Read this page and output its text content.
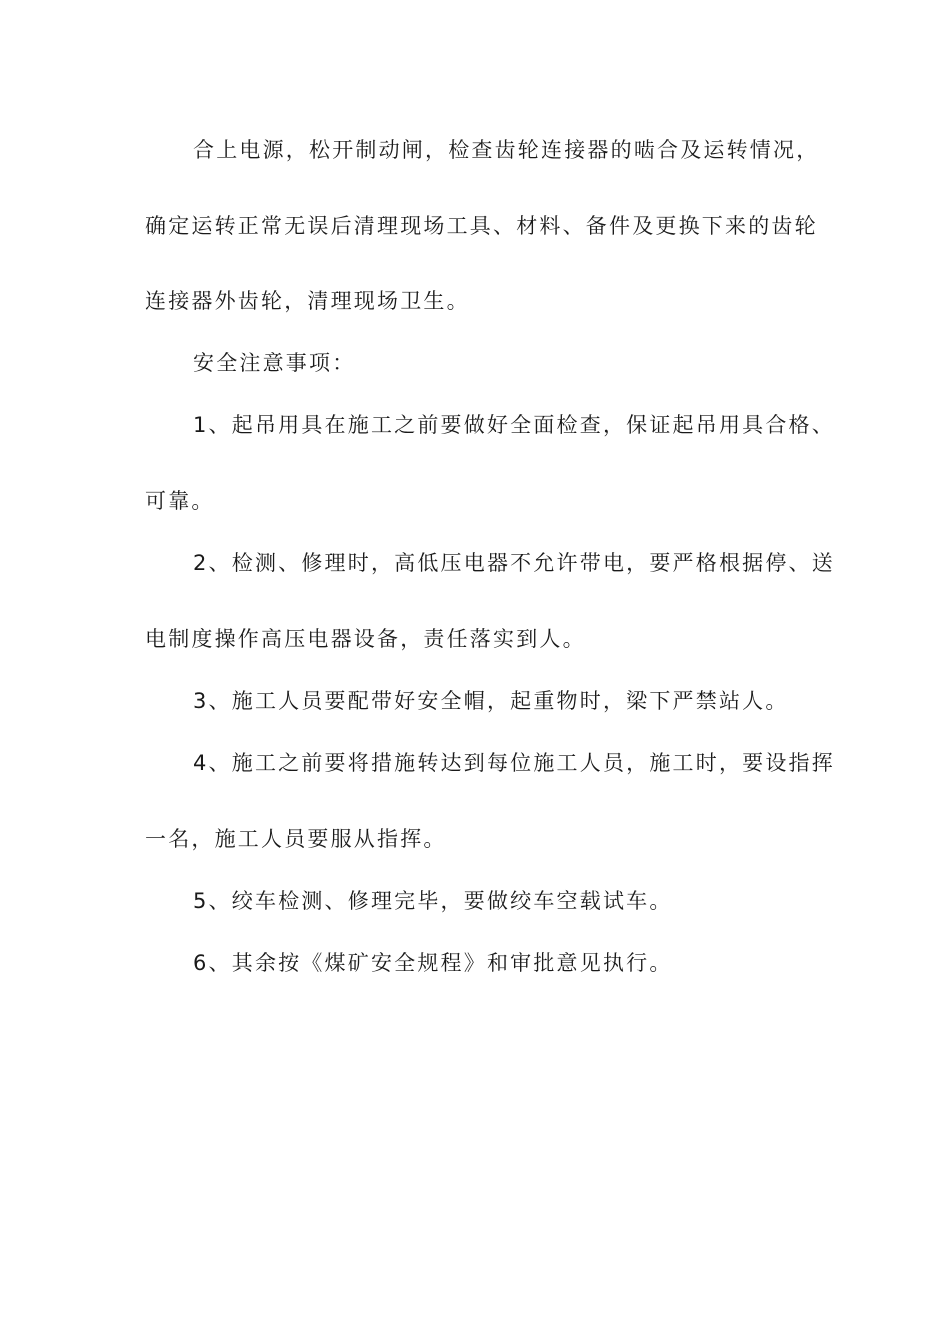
合上电源，松开制动闸，检查齿轮连接器的啮合及运转情况，
确定运转正常无误后清理现场工具、材料、备件及更换下来的齿轮
连接器外齿轮，清理现场卫生。
安全注意事项：
1、起吊用具在施工之前要做好全面检查，保证起吊用具合格、
可靠。
2、检测、修理时，高低压电器不允许带电，要严格根据停、送
电制度操作高压电器设备，责任落实到人。
3、施工人员要配带好安全帽，起重物时，梁下严禁站人。
4、施工之前要将措施转达到每位施工人员，施工时，要设指挥
一名，施工人员要服从指挥。
5、绞车检测、修理完毕，要做绞车空载试车。
6、其余按《煤矿安全规程》和审批意见执行。
